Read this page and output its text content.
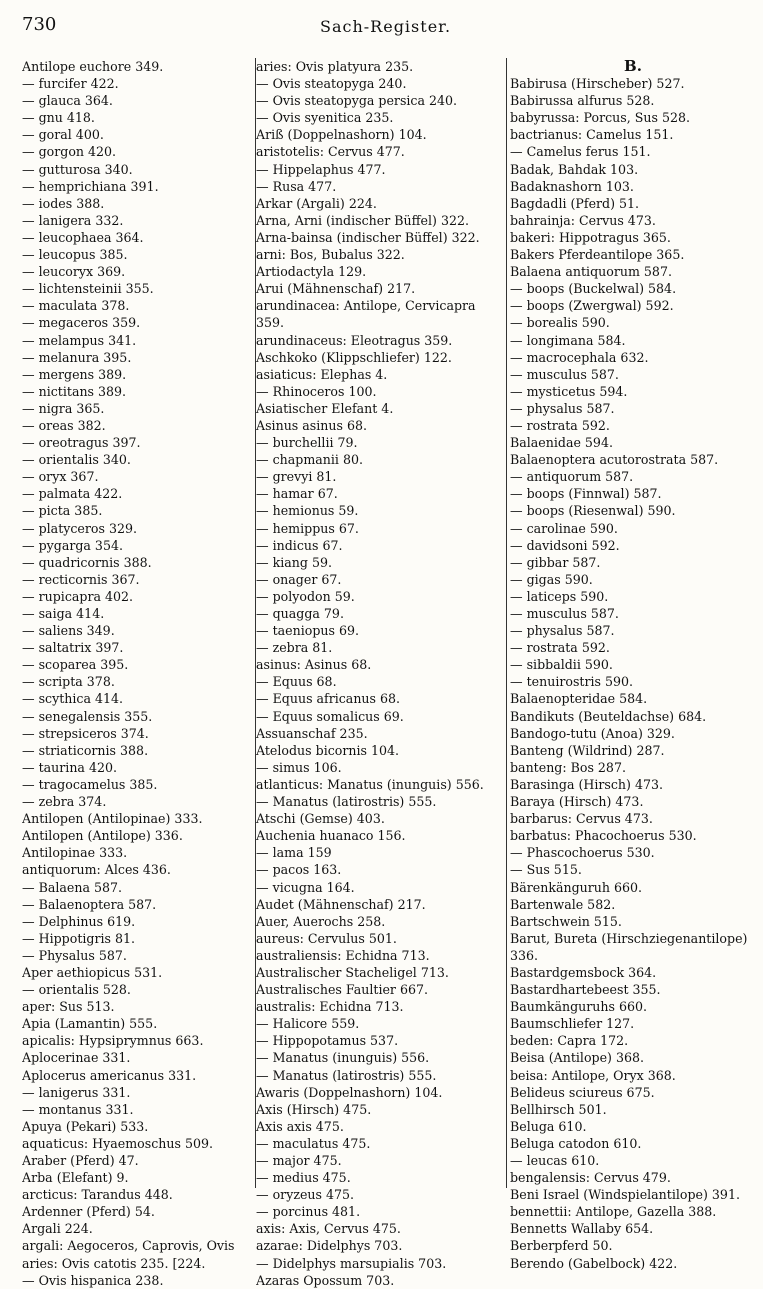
730	Sach-Register.
Antilope euchore 349.
— furcifer 422.
— glauca 364.
— gnu 418.
— goral 400.
— gorgon 420.
— gutturosa 340.
— hemprichiana 391.
— iodes 388.
— lanigera 332.
— leucophaea 364.
— leucopus 385.
— leucoryx 369.
— lichtensteinii 355.
— maculata 378.
— megaceros 359.
— melampus 341.
— melanura 395.
— mergens 389.
— nictitans 389.
— nigra 365.
— oreas 382.
— oreotragus 397.
— orientalis 340.
— oryx 367.
— palmata 422.
— picta 385.
— platyceros 329.
— pygarga 354.
— quadricornis 388.
— recticornis 367.
— rupicapra 402.
— saiga 414.
— saliens 349.
— saltatrix 397.
— scoparea 395.
— scripta 378.
— scythica 414.
— senegalensis 355.
— strepsiceros 374.
— striaticornis 388.
— taurina 420.
— tragocamelus 385.
— zebra 374.
Antilopen (Antilopinae) 333.
Antilopen (Antilope) 336.
Antilopinae 333.
antiquorum: Alces 436.
— Balaena 587.
— Balaenoptera 587.
— Delphinus 619.
— Hippotigris 81.
— Physalus 587.
Aper aethiopicus 531.
— orientalis 528.
aper: Sus 513.
Apia (Lamantin) 555.
apicalis: Hypsiprymnus 663.
Aplocerinae 331.
Aplocerus americanus 331.
— lanigerus 331.
— montanus 331.
Apuya (Pekari) 533.
aquaticus: Hyaemoschus 509.
Araber (Pferd) 47.
Arba (Elefant) 9.
arcticus: Tarandus 448.
Ardenner (Pferd) 54.
Argali 224.
argali: Aegoceros, Caprovis, Ovis
aries: Ovis catotis 235. [224.
— Ovis hispanica 238.
aries: Ovis platyura 235.
— Ovis steatopyga 240.
— Ovis steatopyga persica 240.
— Ovis syenitica 235.
Ariß (Doppelnashorn) 104.
aristotelis: Cervus 477.
— Hippelaphus 477.
— Rusa 477.
Arkar (Argali) 224.
Arna, Arni (indischer Büffel) 322.
Arna-bainsa (indischer Büffel) 322.
arni: Bos, Bubalus 322.
Artiodactyla 129.
Arui (Mähnenschaf) 217.
arundinacea: Antilope, Cervicapra
359.
arundinaceus: Eleotragus 359.
Aschkoko (Klippschliefer) 122.
asiaticus: Elephas 4.
— Rhinoceros 100.
Asiatischer Elefant 4.
Asinus asinus 68.
— burchellii 79.
— chapmanii 80.
— grevyi 81.
— hamar 67.
— hemionus 59.
— hemippus 67.
— indicus 67.
— kiang 59.
— onager 67.
— polyodon 59.
— quagga 79.
— taeniopus 69.
— zebra 81.
asinus: Asinus 68.
— Equus 68.
— Equus africanus 68.
— Equus somalicus 69.
Assuanschaf 235.
Atelodus bicornis 104.
— simus 106.
atlanticus: Manatus (inunguis) 556.
— Manatus (latirostris) 555.
Atschi (Gemse) 403.
Auchenia huanaco 156.
— lama 159
— pacos 163.
— vicugna 164.
Audet (Mähnenschaf) 217.
Auer, Auerochs 258.
aureus: Cervulus 501.
australiensis: Echidna 713.
Australischer Stacheligel 713.
Australisches Faultier 667.
australis: Echidna 713.
— Halicore 559.
— Hippopotamus 537.
— Manatus (inunguis) 556.
— Manatus (latirostris) 555.
Awaris (Doppelnashorn) 104.
Axis (Hirsch) 475.
Axis axis 475.
— maculatus 475.
— major 475.
— medius 475.
— oryzeus 475.
— porcinus 481.
axis: Axis, Cervus 475.
azarae: Didelphys 703.
— Didelphys marsupialis 703.
Azaras Opossum 703.
B.
Babirusa (Hirscheber) 527.
Babirussa alfurus 528.
babyrussa: Porcus, Sus 528.
bactrianus: Camelus 151.
— Camelus ferus 151.
Badak, Bahdak 103.
Badaknashorn 103.
Bagdadli (Pferd) 51.
bahrainja: Cervus 473.
bakeri: Hippotragus 365.
Bakers Pferdeantilope 365.
Balaena antiquorum 587.
— boops (Buckelwal) 584.
— boops (Zwergwal) 592.
— borealis 590.
— longimana 584.
— macrocephala 632.
— musculus 587.
— mysticetus 594.
— physalus 587.
— rostrata 592.
Balaenidae 594.
Balaenoptera acutorostrata 587.
— antiquorum 587.
— boops (Finnwal) 587.
— boops (Riesenwal) 590.
— carolinae 590.
— davidsoni 592.
— gibbar 587.
— gigas 590.
— laticeps 590.
— musculus 587.
— physalus 587.
— rostrata 592.
— sibbaldii 590.
— tenuirostris 590.
Balaenopteridae 584.
Bandikuts (Beuteldachse) 684.
Bandogo-tutu (Anoa) 329.
Banteng (Wildrind) 287.
banteng: Bos 287.
Barasinga (Hirsch) 473.
Baraya (Hirsch) 473.
barbarus: Cervus 473.
barbatus: Phacochoerus 530.
— Phascochoerus 530.
— Sus 515.
Bärenkänguruh 660.
Bartenwale 582.
Bartschwein 515.
Barut, Bureta (Hirschziegenantilope)
336.
Bastardgemsbock 364.
Bastardhartebeest 355.
Baumkänguruhs 660.
Baumschliefer 127.
beden: Capra 172.
Beisa (Antilope) 368.
beisa: Antilope, Oryx 368.
Belideus sciureus 675.
Bellhirsch 501.
Beluga 610.
Beluga catodon 610.
— leucas 610.
bengalensis: Cervus 479.
Beni Israel (Windspielantilope) 391.
bennettii: Antilope, Gazella 388.
Bennetts Wallaby 654.
Berberpferd 50.
Berendo (Gabelbock) 422.
